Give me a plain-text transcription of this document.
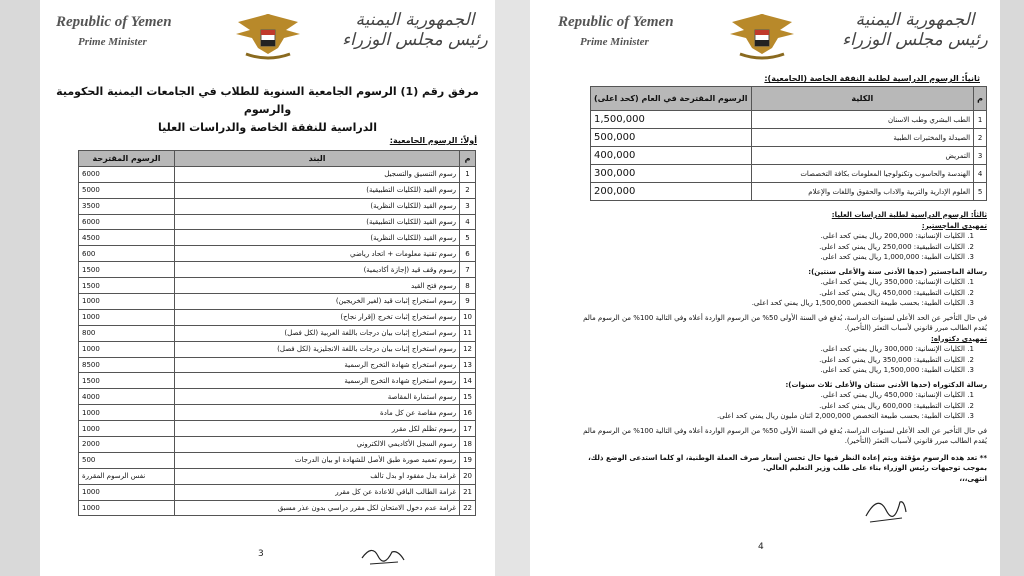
Republic of Yemen
Prime Minister
الجمهورية اليمنية
رئيس مجلس الوزراء
مرفق رقم (1) الرسوم الجامعية السنوية للطلاب في الجامعات اليمنية الحكومية والرسوم
الدراسية للنفقة الخاصة والدراسات العليا
أولاً: الرسوم الجامعية:
الرسوم المقترحة	البند	م
6000	رسوم التنسيق والتسجيل	1
5000	رسوم القيد (للكليات التطبيقية)	2
3500	رسوم القيد (للكليات النظرية)	3
6000	رسوم القيد (للكليات التطبيقية)	4
4500	رسوم القيد (للكليات النظرية)	5
600	رسوم تقنية معلومات + اتحاد رياضي	6
1500	رسوم وقف قيد (إجازة أكاديمية)	7
1500	رسوم فتح القيد	8
1000	رسوم استخراج إثبات قيد (لغير الخريجين)	9
1000	رسوم استخراج إثبات تخرج (إقرار نجاح)	10
800	رسوم استخراج إثبات بيان درجات باللغة العربية (لكل فصل)	11
1000	رسوم استخراج إثبات بيان درجات باللغة الانجليزية (لكل فصل)	12
8500	رسوم استخراج شهادة التخرج الرسمية	13
1500	رسوم استخراج شهادة التخرج الرسمية	14
4000	رسوم استمارة المقاصة	15
1000	رسوم مقاصة عن كل مادة	16
1000	رسوم تظلم لكل مقرر	17
2000	رسوم السجل الأكاديمي الالكتروني	18
500	رسوم تعميد صورة طبق الأصل للشهادة او بيان الدرجات	19
نفس الرسوم المقررة	غرامة بدل مفقود او بدل تالف	20
1000	غرامة الطالب الباقي للاعادة عن كل مقرر	21
1000	غرامة عدم دخول الامتحان لكل مقرر دراسي بدون عذر مسبق	22
3
Republic of Yemen
Prime Minister
الجمهورية اليمنية
رئيس مجلس الوزراء
ثانياً: الرسوم الدراسية لطلبة النفقة الخاصة (الجامعية):
الرسوم المقترحة في العام (كحد اعلى)	الكلية	م
1,500,000	الطب البشري وطب الاسنان	1
500,000	الصيدلة والمختبرات الطبية	2
400,000	التمريض	3
300,000	الهندسة والحاسوب وتكنولوجيا المعلومات بكافة التخصصات	4
200,000	العلوم الإدارية والتربية والاداب والحقوق واللغات والإعلام	5
ثالثاً: الرسوم الدراسية لطلبة الدراسات العليا:
تمهيدي الماجستير:
1. الكليات الإنسانية: 200,000 ريال يمني كحد اعلى.
2. الكليات التطبيقية: 250,000 ريال يمني كحد اعلى.
3. الكليات الطبية: 1,000,000 ريال يمني كحد اعلى.
رسالة الماجستير (حدها الأدنى سنة والأعلى سنتين):
1. الكليات الإنسانية: 350,000 ريال يمني كحد اعلى.
2. الكليات التطبيقية: 450,000 ريال يمني كحد اعلى.
3. الكليات الطبية: بحسب طبيعة التخصص 1,500,000 ريال يمني كحد اعلى.
في حال التأخير عن الحد الأعلى لسنوات الدراسة، يُدفع في السنة الأولى 50% من الرسوم الواردة أعلاه وفي التالية 100% من الرسوم مالم يُقدم الطالب مبرر قانوني لأسباب التعثر (التأخير).
تمهيدي دكتوراه:
1. الكليات الإنسانية: 300,000 ريال يمني كحد اعلى.
2. الكليات التطبيقية: 350,000 ريال يمني كحد اعلى.
3. الكليات الطبية: 1,500,000 ريال يمني كحد اعلى.
رسالة الدكتوراه (حدها الأدنى سنتان والأعلى ثلاث سنوات):
1. الكليات الإنسانية: 450,000 ريال يمني كحد اعلى.
2. الكليات التطبيقية: 600,000 ريال يمني كحد اعلى.
3. الكليات الطبية: بحسب طبيعة التخصص 2,000,000 اثنان مليون ريال يمني كحد اعلى.
في حال التأخير عن الحد الأعلى لسنوات الدراسة، يُدفع في السنة الأولى 50% من الرسوم الواردة أعلاه وفي التالية 100% من الرسوم مالم يُقدم الطالب مبرر قانوني لأسباب التعثر (التأخير).
** تعد هذه الرسوم مؤقتة ويتم إعادة النظر فيها حال تحسن أسعار صرف العملة الوطنية، او كلما استدعى الوضع ذلك، بموجب توجيهات رئيس الوزراء بناء على طلب وزير التعليم العالي.
انتهى،،،
4
